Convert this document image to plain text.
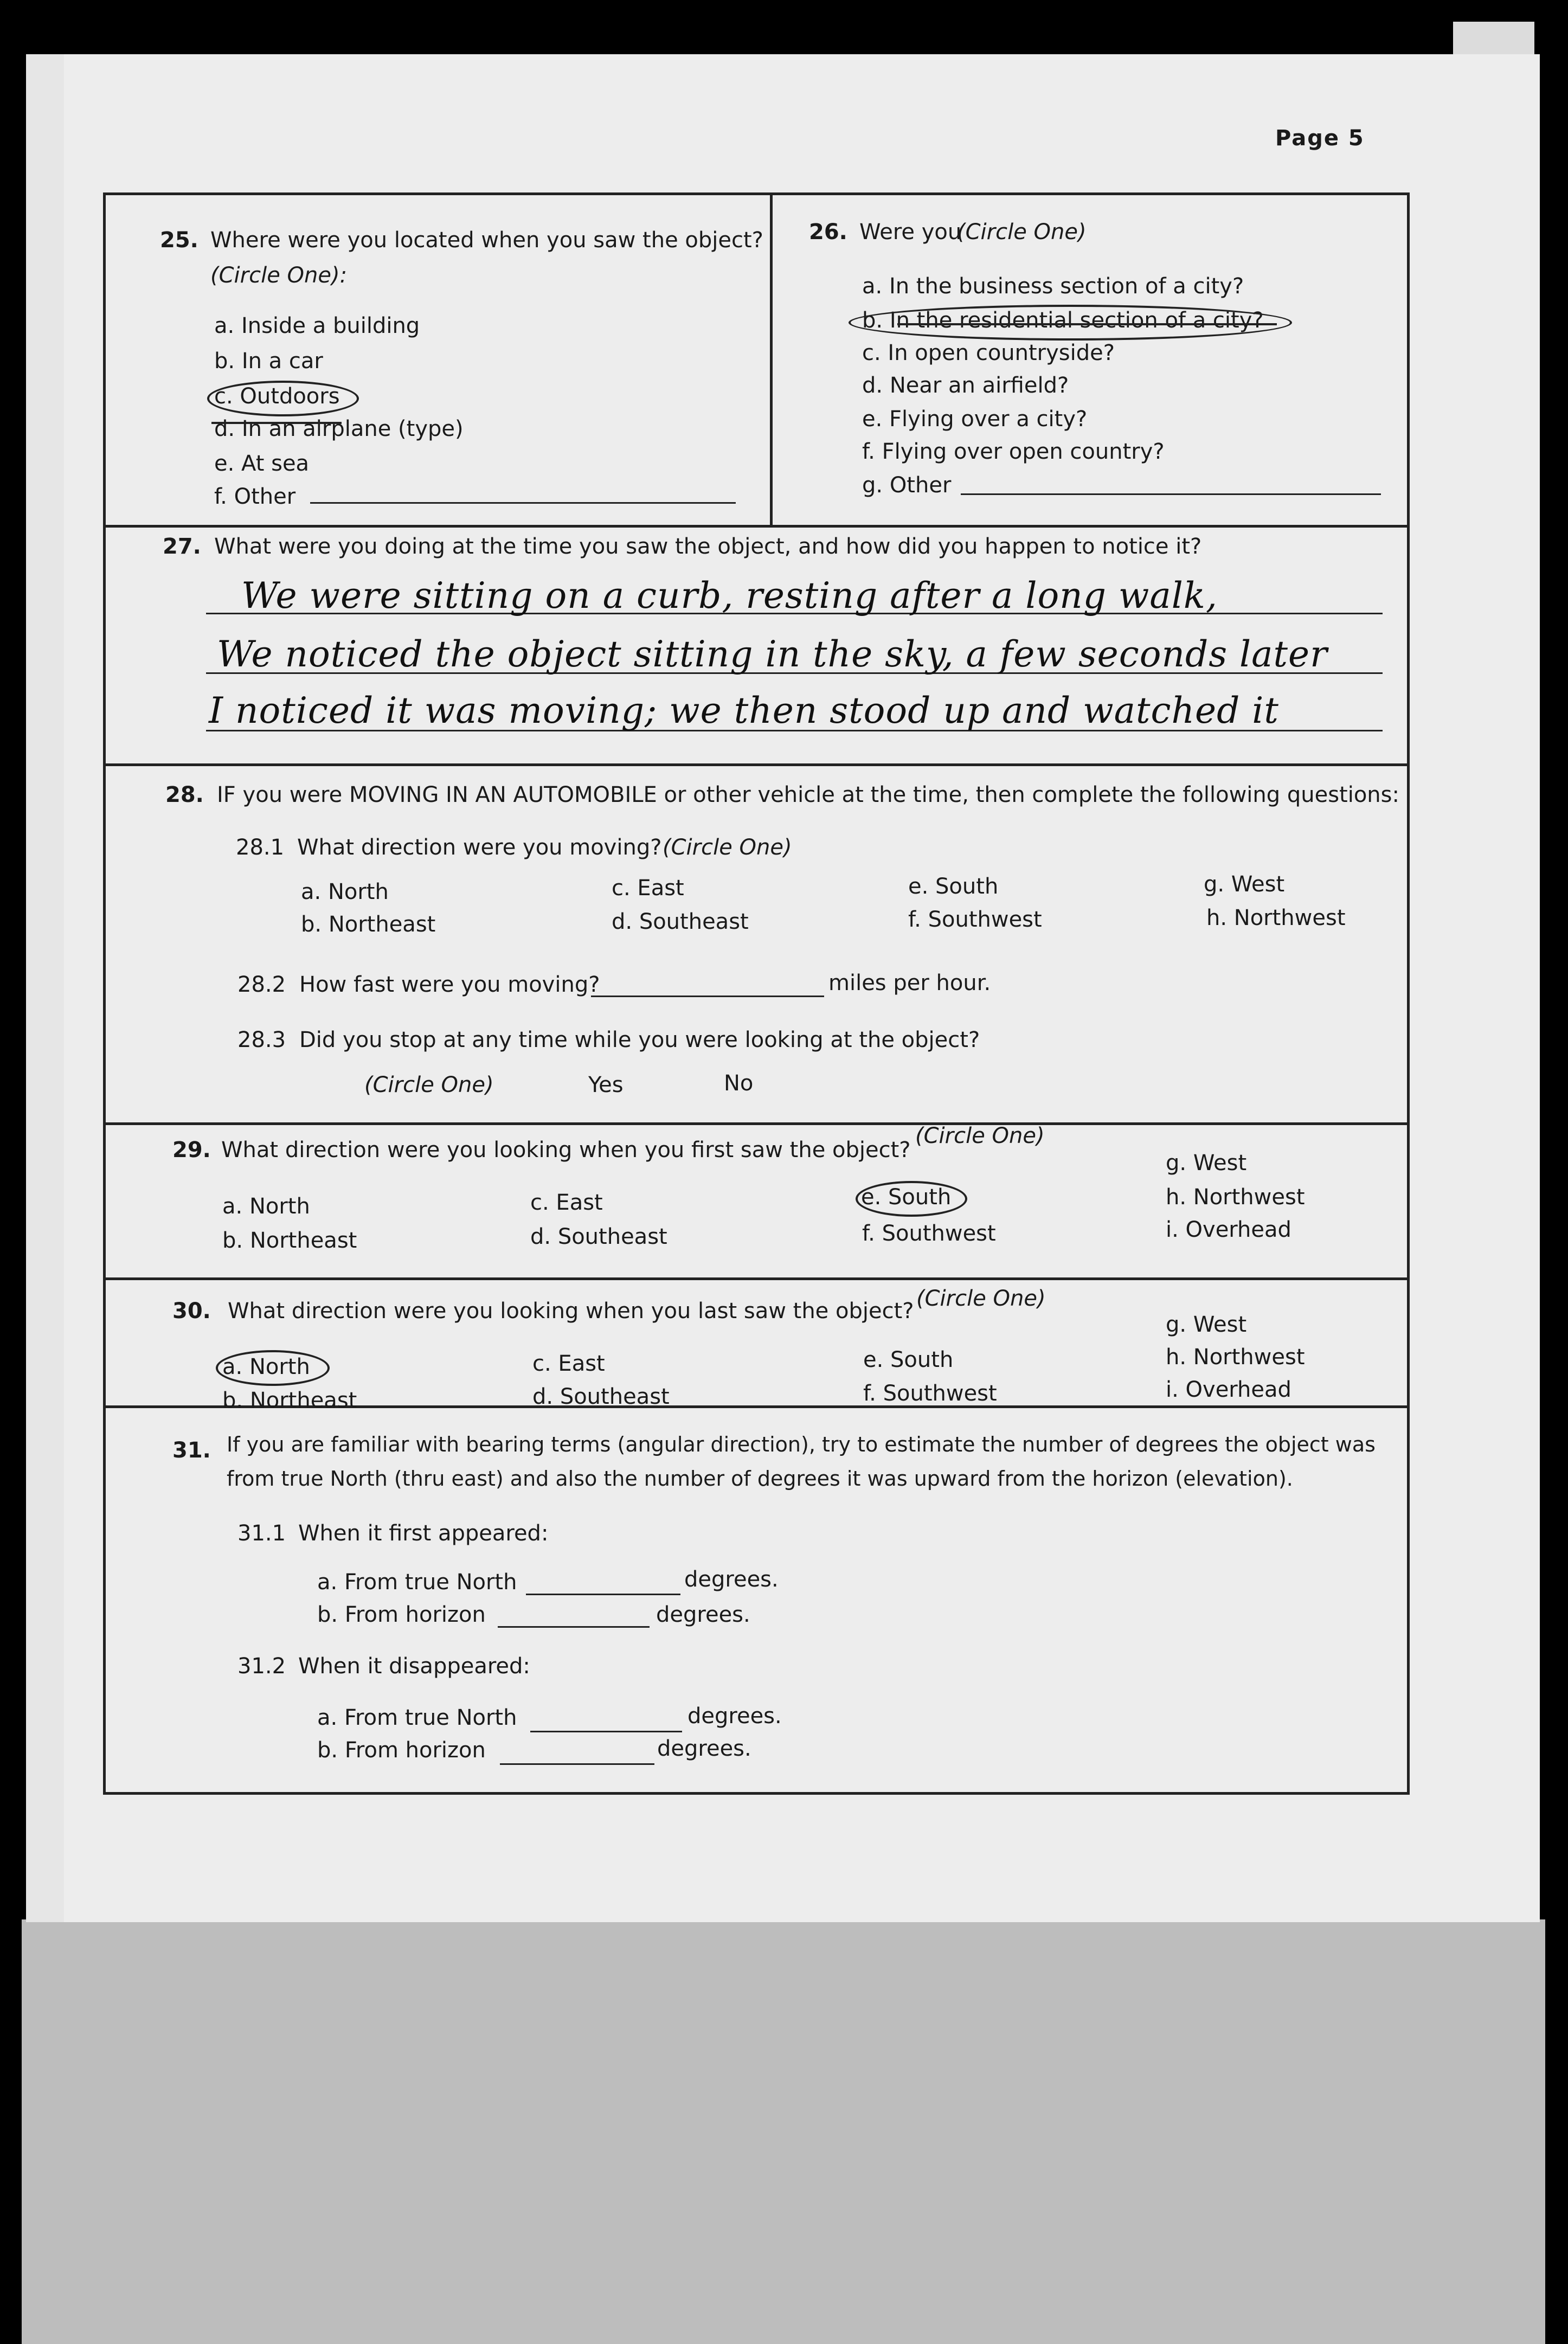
Page 5
25. Where were you located when you saw the object?
(Circle One):
a. Inside a building
b. In a car
c. Outdoors
d. In an airplane (type)
e. At sea
f. Other
26. Were you
(Circle One)
a. In the business section of a city?
b. In the residential section of a city?
c. In open countryside?
d. Near an airfield?
e. Flying over a city?
f. Flying over open country?
g. Other
27. What were you doing at the time you saw the object, and how did you happen to notice it?
We were sitting on a curb, resting after a long walk,
We noticed the object sitting in the sky, a few seconds later
I noticed it was moving; we then stood up and watched it
28. IF you were MOVING IN AN AUTOMOBILE or other vehicle at the time, then complete the following questions:
28.1 What direction were you moving? (Circle One)
a. North
b. Northeast
c. East
d. Southeast
e. South
f. Southwest
g. West
h. Northwest
28.2 How fast were you moving?	miles per hour.
28.3 Did you stop at any time while you were looking at the object?
(Circle One)	Yes	No
29. What direction were you looking when you first saw the object?
(Circle One)
a. North
b. Northeast
c. East
d. Southeast
e. South
f. Southwest
g. West
h. Northwest
i. Overhead
30. What direction were you looking when you last saw the object? (Circle One)
a. North
b. Northeast
c. East
d. Southeast
e. South
f. Southwest
g. West
h. Northwest
i. Overhead
31. If you are familiar with bearing terms (angular direction), try to estimate the number of degrees the object was
from true North (thru east) and also the number of degrees it was upward from the horizon (elevation).
31.1 When it first appeared:
a. From true North	degrees.
b. From horizon	degrees.
31.2 When it disappeared:
a. From true North	degrees.
b. From horizon	degrees.
